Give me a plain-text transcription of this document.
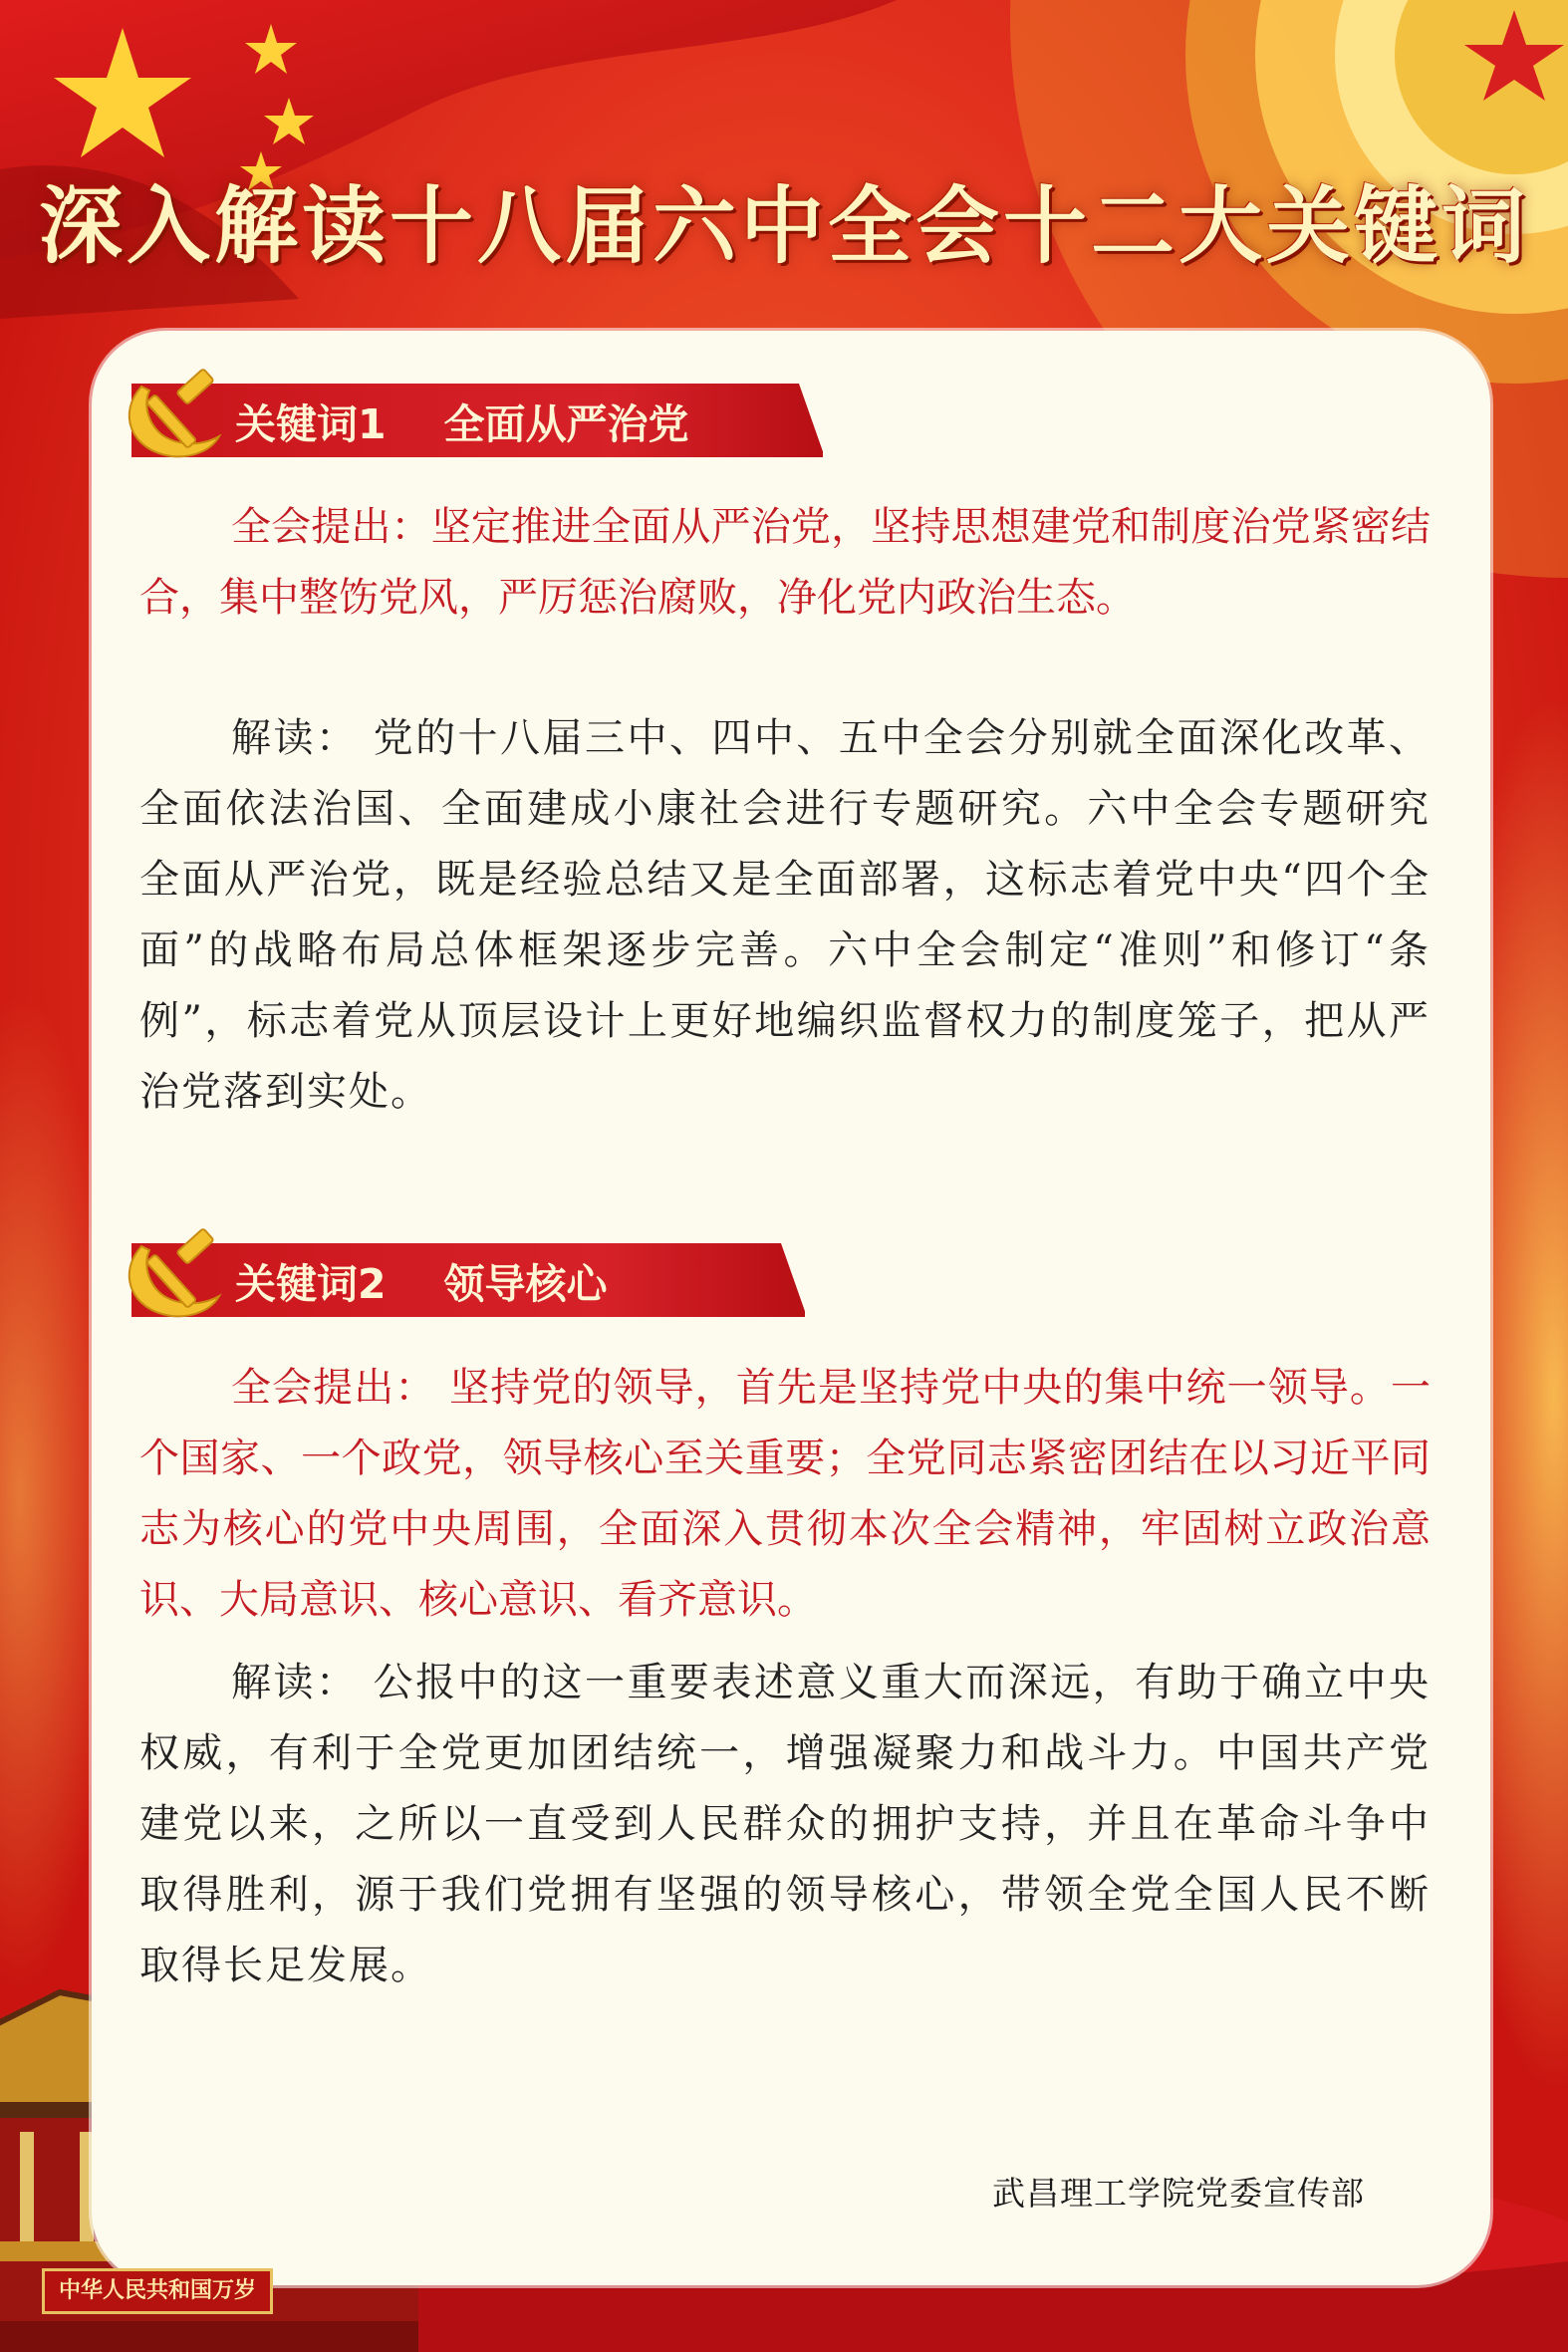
深入解读十八届六中全会十二大关键词
关键词1 全面从严治党

全会提出：坚定推进全面从严治党，坚持思想建党和制度治党紧密结合，集中整饬党风，严厉惩治腐败，净化党内政治生态。

解读： 党的十八届三中、四中、五中全会分别就全面深化改革、全面依法治国、全面建成小康社会进行专题研究。六中全会专题研究全面从严治党，既是经验总结又是全面部署，这标志着党中央“四个全面”的战略布局总体框架逐步完善。六中全会制定“准则”和修订“条例”，标志着党从顶层设计上更好地编织监督权力的制度笼子，把从严治党落到实处。

关键词2 领导核心

全会提出： 坚持党的领导，首先是坚持党中央的集中统一领导。一个国家、一个政党，领导核心至关重要；全党同志紧密团结在以习近平同志为核心的党中央周围，全面深入贯彻本次全会精神，牢固树立政治意识、大局意识、核心意识、看齐意识。

解读： 公报中的这一重要表述意义重大而深远，有助于确立中央权威，有利于全党更加团结统一，增强凝聚力和战斗力。中国共产党建党以来，之所以一直受到人民群众的拥护支持，并且在革命斗争中取得胜利，源于我们党拥有坚强的领导核心，带领全党全国人民不断取得长足发展。

武昌理工学院党委宣传部
中华人民共和国万岁
